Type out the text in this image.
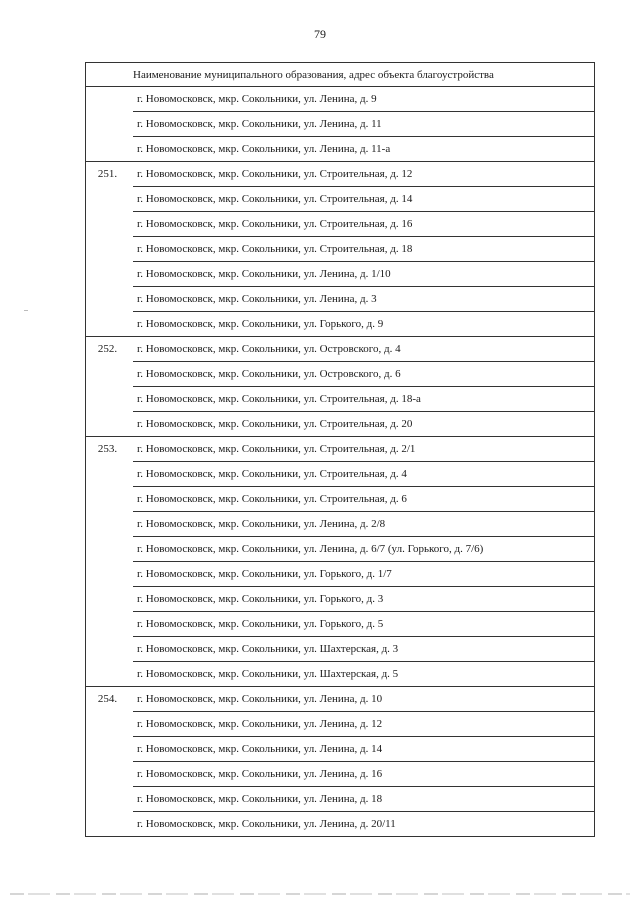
79
	Наименование муниципального образования, адрес объекта благоустройства
	г. Новомосковск, мкр. Сокольники, ул. Ленина, д. 9
	г. Новомосковск, мкр. Сокольники, ул. Ленина, д. 11
	г. Новомосковск, мкр. Сокольники, ул. Ленина, д. 11-а
251.	г. Новомосковск, мкр. Сокольники, ул. Строительная, д. 12
	г. Новомосковск, мкр. Сокольники, ул. Строительная, д. 14
	г. Новомосковск, мкр. Сокольники, ул. Строительная, д. 16
	г. Новомосковск, мкр. Сокольники, ул. Строительная, д. 18
	г. Новомосковск, мкр. Сокольники, ул. Ленина, д. 1/10
	г. Новомосковск, мкр. Сокольники, ул. Ленина, д. 3
	г. Новомосковск, мкр. Сокольники, ул. Горького, д. 9
252.	г. Новомосковск, мкр. Сокольники, ул. Островского, д. 4
	г. Новомосковск, мкр. Сокольники, ул. Островского, д. 6
	г. Новомосковск, мкр. Сокольники, ул. Строительная, д. 18-а
	г. Новомосковск, мкр. Сокольники, ул. Строительная, д. 20
253.	г. Новомосковск, мкр. Сокольники, ул. Строительная, д. 2/1
	г. Новомосковск, мкр. Сокольники, ул. Строительная, д. 4
	г. Новомосковск, мкр. Сокольники, ул. Строительная, д. 6
	г. Новомосковск, мкр. Сокольники, ул. Ленина, д. 2/8
	г. Новомосковск, мкр. Сокольники, ул. Ленина, д. 6/7 (ул. Горького, д. 7/6)
	г. Новомосковск, мкр. Сокольники, ул. Горького, д. 1/7
	г. Новомосковск, мкр. Сокольники, ул. Горького, д. 3
	г. Новомосковск, мкр. Сокольники, ул. Горького, д. 5
	г. Новомосковск, мкр. Сокольники, ул. Шахтерская, д. 3
	г. Новомосковск, мкр. Сокольники, ул. Шахтерская, д. 5
254.	г. Новомосковск, мкр. Сокольники, ул. Ленина, д. 10
	г. Новомосковск, мкр. Сокольники, ул. Ленина, д. 12
	г. Новомосковск, мкр. Сокольники, ул. Ленина, д. 14
	г. Новомосковск, мкр. Сокольники, ул. Ленина, д. 16
	г. Новомосковск, мкр. Сокольники, ул. Ленина, д. 18
	г. Новомосковск, мкр. Сокольники, ул. Ленина, д. 20/11
